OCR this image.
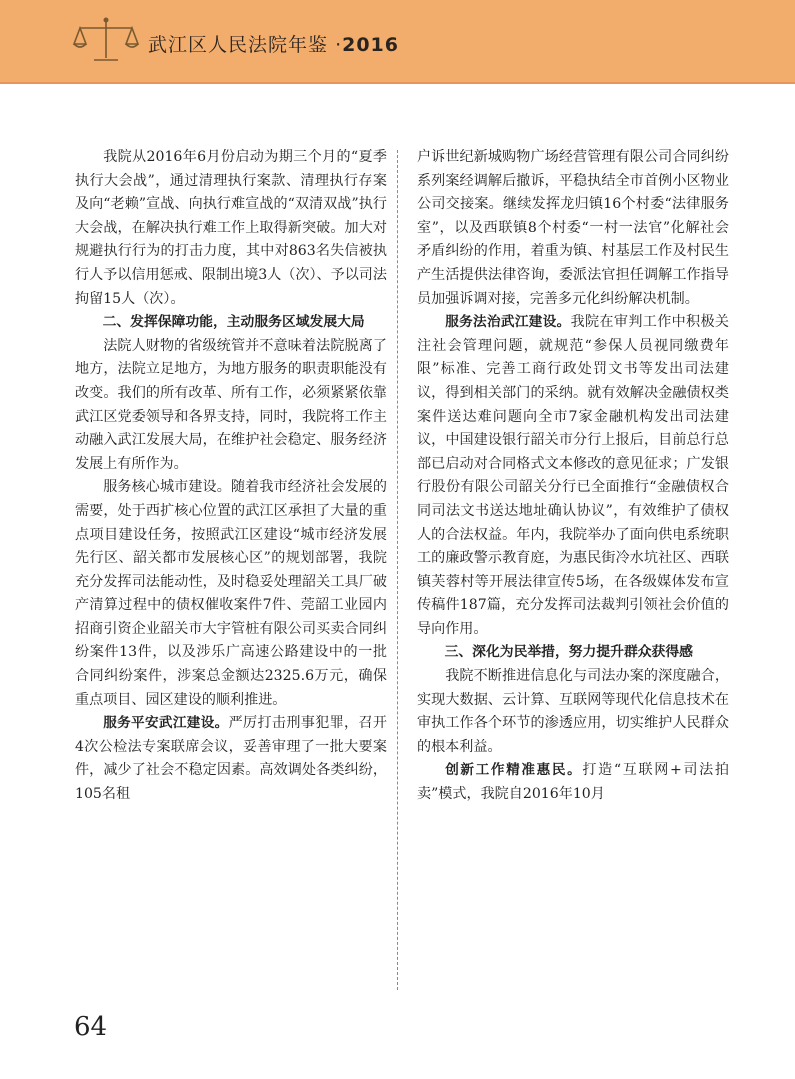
武江区人民法院年鉴 ·2016

我院从2016年6月份启动为期三个月的“夏季执行大会战”，通过清理执行案款、清理执行存案及向“老赖”宣战、向执行难宣战的“双清双战”执行大会战，在解决执行难工作上取得新突破。加大对规避执行行为的打击力度，其中对863名失信被执行人予以信用惩戒、限制出境3人（次）、予以司法拘留15人（次）。

二、发挥保障功能，主动服务区域发展大局

法院人财物的省级统管并不意味着法院脱离了地方，法院立足地方，为地方服务的职责职能没有改变。我们的所有改革、所有工作，必须紧紧依靠武江区党委领导和各界支持，同时，我院将工作主动融入武江发展大局，在维护社会稳定、服务经济发展上有所作为。

服务核心城市建设。随着我市经济社会发展的需要，处于西扩核心位置的武江区承担了大量的重点项目建设任务，按照武江区建设“城市经济发展先行区、韶关都市发展核心区”的规划部署，我院充分发挥司法能动性，及时稳妥处理韶关工具厂破产清算过程中的债权催收案件7件、莞韶工业园内招商引资企业韶关市大宇管桩有限公司买卖合同纠纷案件13件，以及涉乐广高速公路建设中的一批合同纠纷案件，涉案总金额达2325.6万元，确保重点项目、园区建设的顺利推进。

服务平安武江建设。严厉打击刑事犯罪，召开4次公检法专案联席会议，妥善审理了一批大要案件，减少了社会不稳定因素。高效调处各类纠纷，105名租

户诉世纪新城购物广场经营管理有限公司合同纠纷系列案经调解后撤诉，平稳执结全市首例小区物业公司交接案。继续发挥龙归镇16个村委“法律服务室”，以及西联镇8个村委“一村一法官”化解社会矛盾纠纷的作用，着重为镇、村基层工作及村民生产生活提供法律咨询，委派法官担任调解工作指导员加强诉调对接，完善多元化纠纷解决机制。

服务法治武江建设。我院在审判工作中积极关注社会管理问题，就规范“参保人员视同缴费年限”标准、完善工商行政处罚文书等发出司法建议，得到相关部门的采纳。就有效解决金融债权类案件送达难问题向全市7家金融机构发出司法建议，中国建设银行韶关市分行上报后，目前总行总部已启动对合同格式文本修改的意见征求；广发银行股份有限公司韶关分行已全面推行“金融债权合同司法文书送达地址确认协议”，有效维护了债权人的合法权益。年内，我院举办了面向供电系统职工的廉政警示教育庭，为惠民街冷水坑社区、西联镇芙蓉村等开展法律宣传5场，在各级媒体发布宣传稿件187篇，充分发挥司法裁判引领社会价值的导向作用。

三、深化为民举措，努力提升群众获得感

我院不断推进信息化与司法办案的深度融合，实现大数据、云计算、互联网等现代化信息技术在审执工作各个环节的渗透应用，切实维护人民群众的根本利益。

创新工作精准惠民。打造“互联网+司法拍卖”模式，我院自2016年10月

64
